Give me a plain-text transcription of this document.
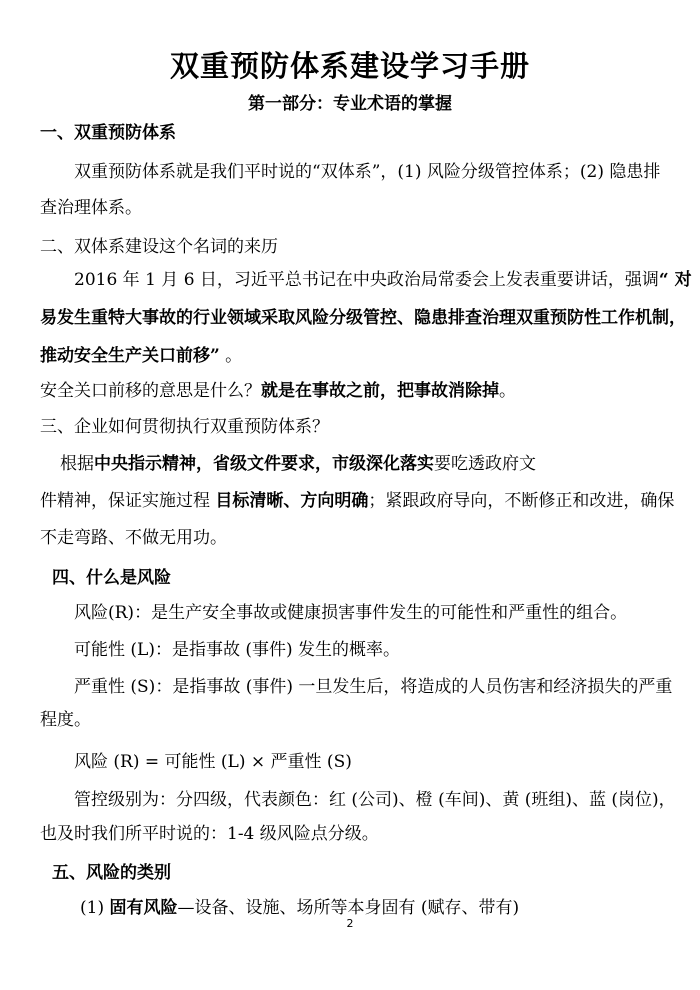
双重预防体系建设学习手册
第一部分：专业术语的掌握
一、双重预防体系
双重预防体系就是我们平时说的“双体系”，(1) 风险分级管控体系；(2) 隐患排
查治理体系。
二、双体系建设这个名词的来历
2016 年 1 月 6 日，习近平总书记在中央政治局常委会上发表重要讲话，强调“ 对
易发生重特大事故的行业领域采取风险分级管控、隐患排查治理双重预防性工作机制，
推动安全生产关口前移” 。
安全关口前移的意思是什么？就是在事故之前，把事故消除掉。
三、企业如何贯彻执行双重预防体系？
根据中央指示精神，省级文件要求，市级深化落实要吃透政府文
件精神，保证实施过程 目标清晰、方向明确；紧跟政府导向，不断修正和改进，确保
不走弯路、不做无用功。
四、什么是风险
风险(R)：是生产安全事故或健康损害事件发生的可能性和严重性的组合。
可能性 (L)：是指事故 (事件) 发生的概率。
严重性 (S)：是指事故 (事件) 一旦发生后，将造成的人员伤害和经济损失的严重
程度。
风险 (R) = 可能性 (L) × 严重性 (S)
管控级别为：分四级，代表颜色：红 (公司)、橙 (车间)、黄 (班组)、蓝 (岗位)，
也及时我们所平时说的：1-4 级风险点分级。
五、风险的类别
(1) 固有风险—设备、设施、场所等本身固有 (赋存、带有)
2
